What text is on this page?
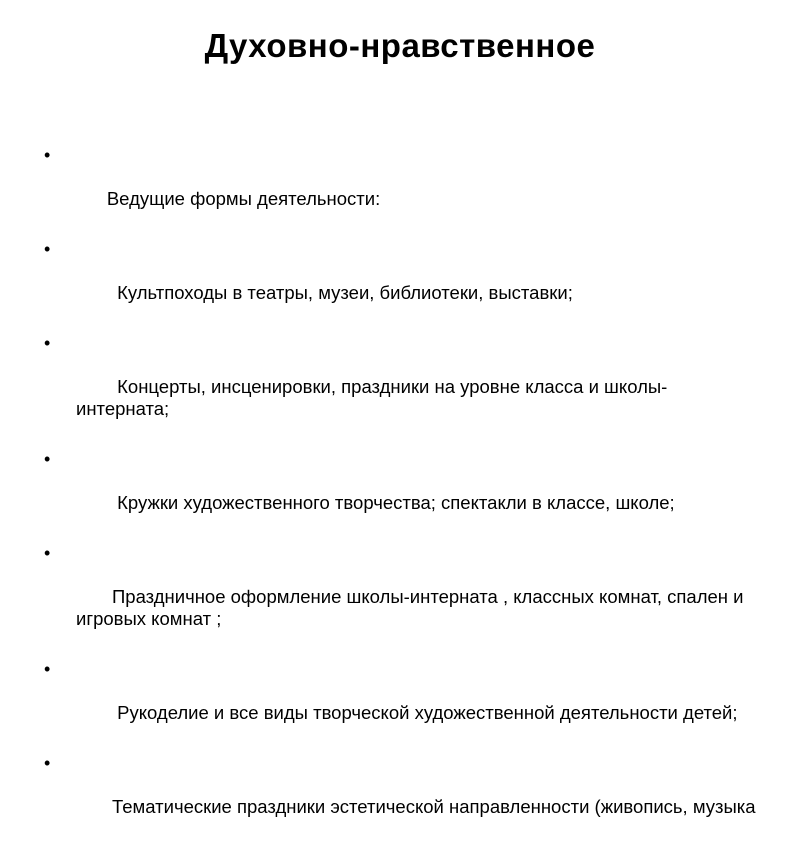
Духовно-нравственное

•

Ведущие формы деятельности:

•

Культпоходы в театры, музеи, библиотеки, выставки;

•

Концерты, инсценировки, праздники на уровне класса и школы-интерната;

•

Кружки художественного творчества; спектакли в классе, школе;

•

Праздничное оформление школы-интерната , классных комнат, спален и игровых комнат ;

•

Рукоделие и все виды творческой художественной деятельности детей;

•

Тематические праздники эстетической направленности (живопись, музыка
